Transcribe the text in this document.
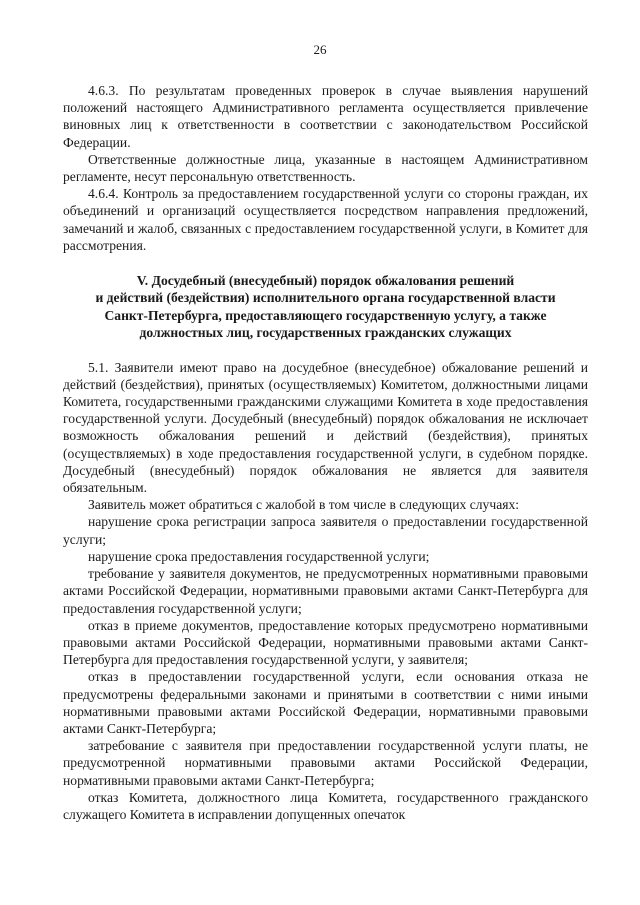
26

4.6.3. По результатам проведенных проверок в случае выявления нарушений положений настоящего Административного регламента осуществляется привлечение виновных лиц к ответственности в соответствии с законодательством Российской Федерации.

Ответственные должностные лица, указанные в настоящем Административном регламенте, несут персональную ответственность.

4.6.4. Контроль за предоставлением государственной услуги со стороны граждан, их объединений и организаций осуществляется посредством направления предложений, замечаний и жалоб, связанных с предоставлением государственной услуги, в Комитет для рассмотрения.

V. Досудебный (внесудебный) порядок обжалования решений
и действий (бездействия) исполнительного органа государственной власти
Санкт-Петербурга, предоставляющего государственную услугу, а также
должностных лиц, государственных гражданских служащих

5.1. Заявители имеют право на досудебное (внесудебное) обжалование решений и действий (бездействия), принятых (осуществляемых) Комитетом, должностными лицами Комитета, государственными гражданскими служащими Комитета в ходе предоставления государственной услуги. Досудебный (внесудебный) порядок обжалования не исключает возможность обжалования решений и действий (бездействия), принятых (осуществляемых) в ходе предоставления государственной услуги, в судебном порядке. Досудебный (внесудебный) порядок обжалования не является для заявителя обязательным.

Заявитель может обратиться с жалобой в том числе в следующих случаях:

нарушение срока регистрации запроса заявителя о предоставлении государственной услуги;

нарушение срока предоставления государственной услуги;

требование у заявителя документов, не предусмотренных нормативными правовыми актами Российской Федерации, нормативными правовыми актами Санкт-Петербурга для предоставления государственной услуги;

отказ в приеме документов, предоставление которых предусмотрено нормативными правовыми актами Российской Федерации, нормативными правовыми актами Санкт-Петербурга для предоставления государственной услуги, у заявителя;

отказ в предоставлении государственной услуги, если основания отказа не предусмотрены федеральными законами и принятыми в соответствии с ними иными нормативными правовыми актами Российской Федерации, нормативными правовыми актами Санкт-Петербурга;

затребование с заявителя при предоставлении государственной услуги платы, не предусмотренной нормативными правовыми актами Российской Федерации, нормативными правовыми актами Санкт-Петербурга;

отказ Комитета, должностного лица Комитета, государственного гражданского служащего Комитета в исправлении допущенных опечаток
